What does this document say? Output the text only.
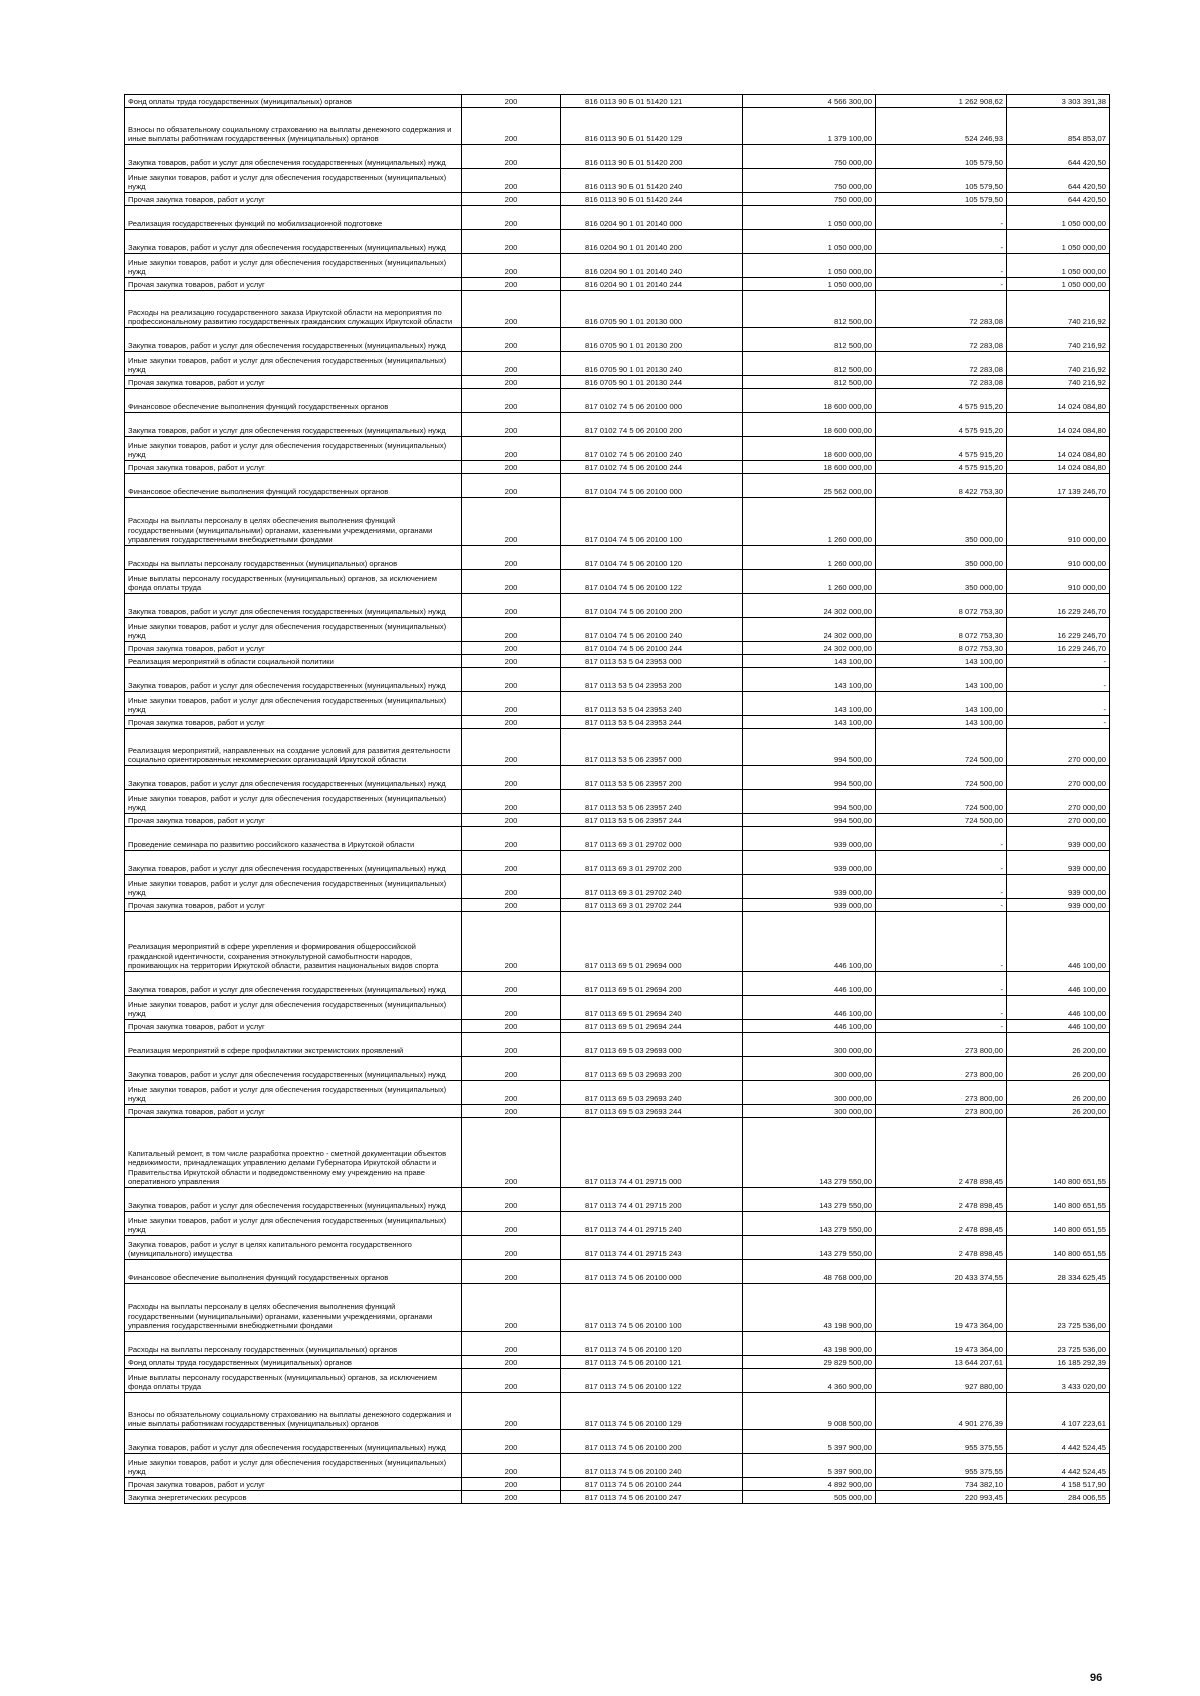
Фонд оплаты труда государственных (муниципальных) органов	200	816 0113 90 Б 01 51420 121	4 566 300,00	1 262 908,62	3 303 391,38
Взносы по обязательному социальному страхованию на выплаты денежного содержания и иные выплаты работникам государственных (муниципальных) органов	200	816 0113 90 Б 01 51420 129	1 379 100,00	524 246,93	854 853,07
Закупка товаров, работ и услуг для обеспечения государственных (муниципальных) нужд	200	816 0113 90 Б 01 51420 200	750 000,00	105 579,50	644 420,50
Иные закупки товаров, работ и услуг для обеспечения государственных (муниципальных) нужд	200	816 0113 90 Б 01 51420 240	750 000,00	105 579,50	644 420,50
Прочая закупка товаров, работ и услуг	200	816 0113 90 Б 01 51420 244	750 000,00	105 579,50	644 420,50
Реализация государственных функций по мобилизационной подготовке	200	816 0204 90 1 01 20140 000	1 050 000,00	-	1 050 000,00
Закупка товаров, работ и услуг для обеспечения государственных (муниципальных) нужд	200	816 0204 90 1 01 20140 200	1 050 000,00	-	1 050 000,00
Иные закупки товаров, работ и услуг для обеспечения государственных (муниципальных) нужд	200	816 0204 90 1 01 20140 240	1 050 000,00	-	1 050 000,00
Прочая закупка товаров, работ и услуг	200	816 0204 90 1 01 20140 244	1 050 000,00	-	1 050 000,00
Расходы на реализацию государственного заказа Иркутской области на мероприятия по профессиональному развитию государственных гражданских служащих Иркутской области	200	816 0705 90 1 01 20130 000	812 500,00	72 283,08	740 216,92
Закупка товаров, работ и услуг для обеспечения государственных (муниципальных) нужд	200	816 0705 90 1 01 20130 200	812 500,00	72 283,08	740 216,92
Иные закупки товаров, работ и услуг для обеспечения государственных (муниципальных) нужд	200	816 0705 90 1 01 20130 240	812 500,00	72 283,08	740 216,92
Прочая закупка товаров, работ и услуг	200	816 0705 90 1 01 20130 244	812 500,00	72 283,08	740 216,92
Финансовое обеспечение выполнения функций государственных органов	200	817 0102 74 5 06 20100 000	18 600 000,00	4 575 915,20	14 024 084,80
Закупка товаров, работ и услуг для обеспечения государственных (муниципальных) нужд	200	817 0102 74 5 06 20100 200	18 600 000,00	4 575 915,20	14 024 084,80
Иные закупки товаров, работ и услуг для обеспечения государственных (муниципальных) нужд	200	817 0102 74 5 06 20100 240	18 600 000,00	4 575 915,20	14 024 084,80
Прочая закупка товаров, работ и услуг	200	817 0102 74 5 06 20100 244	18 600 000,00	4 575 915,20	14 024 084,80
Финансовое обеспечение выполнения функций государственных органов	200	817 0104 74 5 06 20100 000	25 562 000,00	8 422 753,30	17 139 246,70
Расходы на выплаты персоналу в целях обеспечения выполнения функций государственными (муниципальными) органами, казенными учреждениями, органами управления государственными внебюджетными фондами	200	817 0104 74 5 06 20100 100	1 260 000,00	350 000,00	910 000,00
Расходы на выплаты персоналу государственных (муниципальных) органов	200	817 0104 74 5 06 20100 120	1 260 000,00	350 000,00	910 000,00
Иные выплаты персоналу государственных (муниципальных) органов, за исключением фонда оплаты труда	200	817 0104 74 5 06 20100 122	1 260 000,00	350 000,00	910 000,00
Закупка товаров, работ и услуг для обеспечения государственных (муниципальных) нужд	200	817 0104 74 5 06 20100 200	24 302 000,00	8 072 753,30	16 229 246,70
Иные закупки товаров, работ и услуг для обеспечения государственных (муниципальных) нужд	200	817 0104 74 5 06 20100 240	24 302 000,00	8 072 753,30	16 229 246,70
Прочая закупка товаров, работ и услуг	200	817 0104 74 5 06 20100 244	24 302 000,00	8 072 753,30	16 229 246,70
Реализация мероприятий в области социальной политики	200	817 0113 53 5 04 23953 000	143 100,00	143 100,00	-
Закупка товаров, работ и услуг для обеспечения государственных (муниципальных) нужд	200	817 0113 53 5 04 23953 200	143 100,00	143 100,00	-
Иные закупки товаров, работ и услуг для обеспечения государственных (муниципальных) нужд	200	817 0113 53 5 04 23953 240	143 100,00	143 100,00	-
Прочая закупка товаров, работ и услуг	200	817 0113 53 5 04 23953 244	143 100,00	143 100,00	-
Реализация мероприятий, направленных на создание условий для развития деятельности социально ориентированных некоммерческих организаций Иркутской области	200	817 0113 53 5 06 23957 000	994 500,00	724 500,00	270 000,00
Закупка товаров, работ и услуг для обеспечения государственных (муниципальных) нужд	200	817 0113 53 5 06 23957 200	994 500,00	724 500,00	270 000,00
Иные закупки товаров, работ и услуг для обеспечения государственных (муниципальных) нужд	200	817 0113 53 5 06 23957 240	994 500,00	724 500,00	270 000,00
Прочая закупка товаров, работ и услуг	200	817 0113 53 5 06 23957 244	994 500,00	724 500,00	270 000,00
Проведение семинара по развитию российского казачества в Иркутской области	200	817 0113 69 3 01 29702 000	939 000,00	-	939 000,00
Закупка товаров, работ и услуг для обеспечения государственных (муниципальных) нужд	200	817 0113 69 3 01 29702 200	939 000,00	-	939 000,00
Иные закупки товаров, работ и услуг для обеспечения государственных (муниципальных) нужд	200	817 0113 69 3 01 29702 240	939 000,00	-	939 000,00
Прочая закупка товаров, работ и услуг	200	817 0113 69 3 01 29702 244	939 000,00	-	939 000,00
Реализация мероприятий в сфере укрепления и формирования общероссийской гражданской идентичности, сохранения этнокультурной самобытности народов, проживающих на территории Иркутской области, развития национальных видов спорта	200	817 0113 69 5 01 29694 000	446 100,00	-	446 100,00
Закупка товаров, работ и услуг для обеспечения государственных (муниципальных) нужд	200	817 0113 69 5 01 29694 200	446 100,00	-	446 100,00
Иные закупки товаров, работ и услуг для обеспечения государственных (муниципальных) нужд	200	817 0113 69 5 01 29694 240	446 100,00	-	446 100,00
Прочая закупка товаров, работ и услуг	200	817 0113 69 5 01 29694 244	446 100,00	-	446 100,00
Реализация мероприятий в сфере профилактики экстремистских проявлений	200	817 0113 69 5 03 29693 000	300 000,00	273 800,00	26 200,00
Закупка товаров, работ и услуг для обеспечения государственных (муниципальных) нужд	200	817 0113 69 5 03 29693 200	300 000,00	273 800,00	26 200,00
Иные закупки товаров, работ и услуг для обеспечения государственных (муниципальных) нужд	200	817 0113 69 5 03 29693 240	300 000,00	273 800,00	26 200,00
Прочая закупка товаров, работ и услуг	200	817 0113 69 5 03 29693 244	300 000,00	273 800,00	26 200,00
Капитальный ремонт, в том числе разработка проектно - сметной документации объектов недвижимости, принадлежащих управлению делами Губернатора Иркутской области и Правительства Иркутской области и подведомственному ему учреждению на праве оперативного управления	200	817 0113 74 4 01 29715 000	143 279 550,00	2 478 898,45	140 800 651,55
Закупка товаров, работ и услуг для обеспечения государственных (муниципальных) нужд	200	817 0113 74 4 01 29715 200	143 279 550,00	2 478 898,45	140 800 651,55
Иные закупки товаров, работ и услуг для обеспечения государственных (муниципальных) нужд	200	817 0113 74 4 01 29715 240	143 279 550,00	2 478 898,45	140 800 651,55
Закупка товаров, работ и услуг в целях капитального ремонта государственного (муниципального) имущества	200	817 0113 74 4 01 29715 243	143 279 550,00	2 478 898,45	140 800 651,55
Финансовое обеспечение выполнения функций государственных органов	200	817 0113 74 5 06 20100 000	48 768 000,00	20 433 374,55	28 334 625,45
Расходы на выплаты персоналу в целях обеспечения выполнения функций государственными (муниципальными) органами, казенными учреждениями, органами управления государственными внебюджетными фондами	200	817 0113 74 5 06 20100 100	43 198 900,00	19 473 364,00	23 725 536,00
Расходы на выплаты персоналу государственных (муниципальных) органов	200	817 0113 74 5 06 20100 120	43 198 900,00	19 473 364,00	23 725 536,00
Фонд оплаты труда государственных (муниципальных) органов	200	817 0113 74 5 06 20100 121	29 829 500,00	13 644 207,61	16 185 292,39
Иные выплаты персоналу государственных (муниципальных) органов, за исключением фонда оплаты труда	200	817 0113 74 5 06 20100 122	4 360 900,00	927 880,00	3 433 020,00
Взносы по обязательному социальному страхованию на выплаты денежного содержания и иные выплаты работникам государственных (муниципальных) органов	200	817 0113 74 5 06 20100 129	9 008 500,00	4 901 276,39	4 107 223,61
Закупка товаров, работ и услуг для обеспечения государственных (муниципальных) нужд	200	817 0113 74 5 06 20100 200	5 397 900,00	955 375,55	4 442 524,45
Иные закупки товаров, работ и услуг для обеспечения государственных (муниципальных) нужд	200	817 0113 74 5 06 20100 240	5 397 900,00	955 375,55	4 442 524,45
Прочая закупка товаров, работ и услуг	200	817 0113 74 5 06 20100 244	4 892 900,00	734 382,10	4 158 517,90
Закупка энергетических ресурсов	200	817 0113 74 5 06 20100 247	505 000,00	220 993,45	284 006,55
96
